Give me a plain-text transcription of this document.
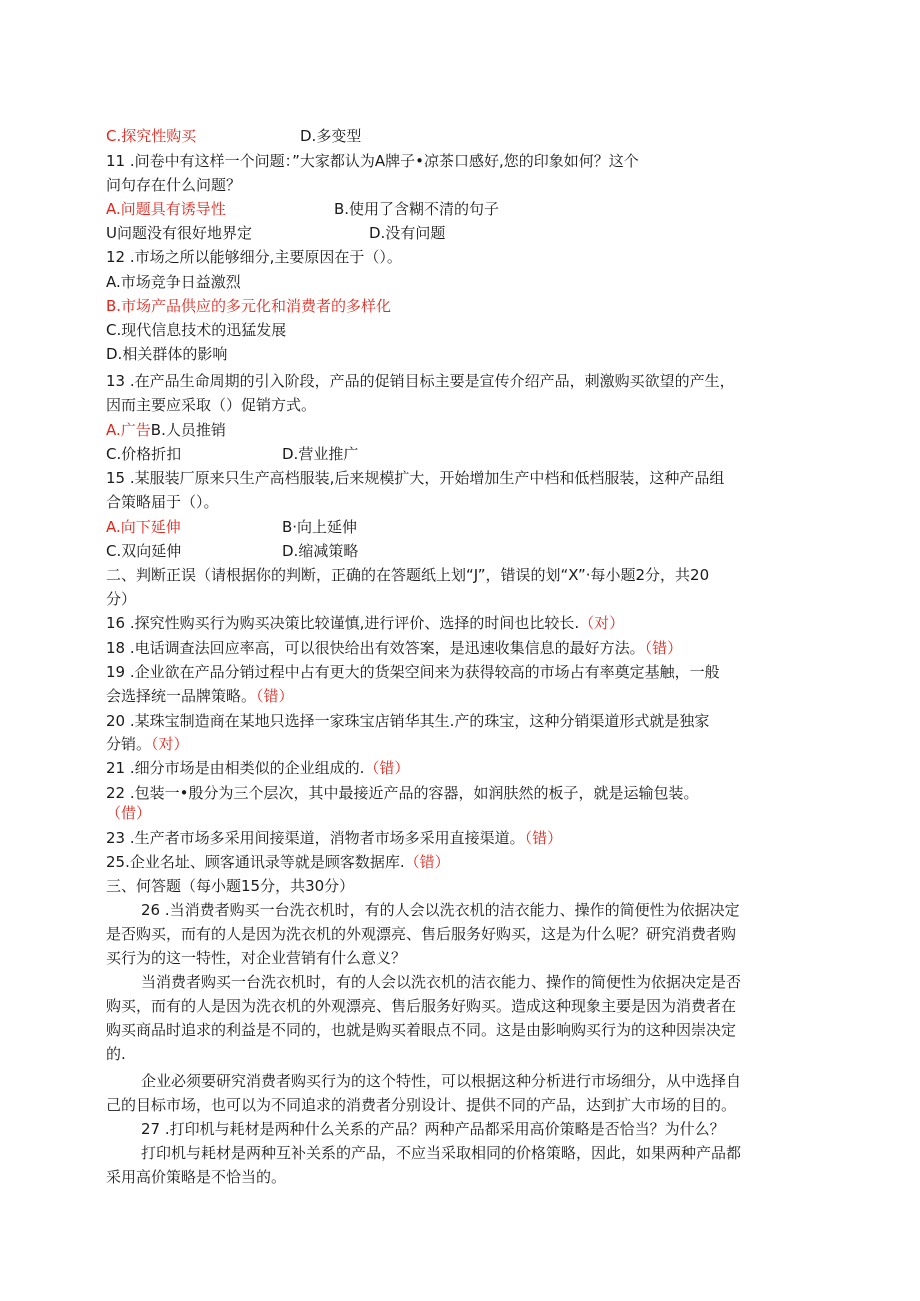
C.探究性购买	D.多变型
11 .问卷中有这样一个问题：”大家都认为A牌子•凉茶口感好,您的印象如何？这个
问句存在什么问题？
A.问题具有诱导性	B.使用了含糊不清的句子
U问题没有很好地界定	D.没有问题
12 .市场之所以能够细分,主要原因在于（）。
A.市场竞争日益激烈
B.市场产品供应的多元化和消费者的多样化
C.现代信息技术的迅猛发展
D.相关群体的影响
13 .在产品生命周期的引入阶段，产品的促销目标主要是宣传介绍产品，刺激购买欲望的产生，
因而主要应采取（）促销方式。
A.广告B.人员推销
C.价格折扣	D.营业推广
15 .某服装厂原来只生产高档服装,后来规模扩大，开始增加生产中档和低档服装，这种产品组
合策略届于（）。
A.向下延伸	B·向上延伸
C.双向延伸	D.缩减策略
二、判断正误（请根据你的判断，正确的在答题纸上划“J”，错误的划“X”·每小题2分，共20
分）
16 .探究性购买行为购买决策比较谨慎,进行评价、选择的时间也比较长.（对）
18 .电话调查法回应率高，可以很快给出有效答案，是迅速收集信息的最好方法。（错）
19 .企业欲在产品分销过程中占有更大的货架空间来为获得较高的市场占有率奠定基触，一般
会选择统一品牌策略。（错）
20 .某珠宝制造商在某地只选择一家珠宝店销华其生.产的珠宝，这种分销渠道形式就是独家
分销。（对）
21 .细分市场是由相类似的企业组成的.（错）
22 .包装一•殷分为三个层次，其中最接近产品的容器，如润肤然的板子，就是运输包装。
（借）
23 .生产者市场多采用间接渠道，消物者市场多采用直接渠道。（错）
25.企业名址、顾客通讯录等就是顾客数据库.（错）
三、何答题（每小题15分，共30分）
26 .当消费者购买一台洗衣机时，有的人会以洗衣机的洁衣能力、操作的简便性为依据决定
是否购买，而有的人是因为洗衣机的外观漂亮、售后服务好购买，这是为什么呢？研究消费者购
买行为的这一特性，对企业营销有什么意义？
当消费者购买一台洗衣机时，有的人会以洗衣机的洁衣能力、操作的简便性为依据决定是否
购买，而有的人是因为洗衣机的外观漂亮、售后服务好购买。造成这种现象主要是因为消费者在
购买商品时追求的利益是不同的，也就是购买着眼点不同。这是由影响购买行为的这种因崇决定
的.
企业必须要研究消费者购买行为的这个特性，可以根据这种分析进行市场细分，从中选择自
己的目标市场，也可以为不同追求的消费者分别设计、提供不同的产品，达到扩大市场的目的。
27 .打印机与耗材是两种什么关系的产品？两种产品都采用高价策略是否恰当？为什么？
打印机与耗材是两种互补关系的产品，不应当采取相同的价格策略，因此，如果两种产品都
采用高价策略是不恰当的。
